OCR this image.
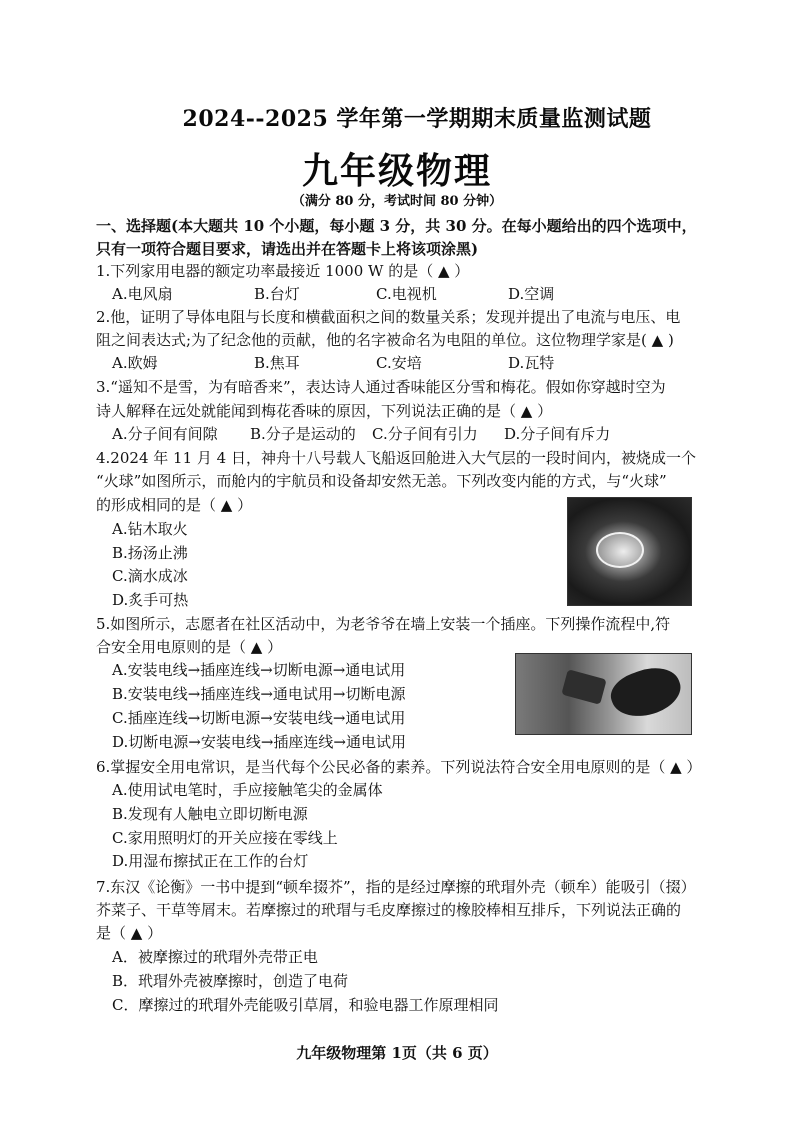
2024--2025 学年第一学期期末质量监测试题
九年级物理
（满分 80 分，考试时间 80 分钟）
一、选择题(本大题共 10 个小题，每小题 3 分，共 30 分。在每小题给出的四个选项中，
只有一项符合题目要求，请选出并在答题卡上将该项涂黑)
1.下列家用电器的额定功率最接近 1000 W 的是（ ▲ ）
A.电风扇	B.台灯	C.电视机	D.空调
2.他，证明了导体电阻与长度和横截面积之间的数量关系；发现并提出了电流与电压、电
阻之间表达式;为了纪念他的贡献，他的名字被命名为电阻的单位。这位物理学家是( ▲ )
A.欧姆	B.焦耳	C.安培	D.瓦特
3.“遥知不是雪，为有暗香来”，表达诗人通过香味能区分雪和梅花。假如你穿越时空为
诗人解释在远处就能闻到梅花香味的原因，下列说法正确的是（ ▲ ）
A.分子间有间隙	B.分子是运动的	C.分子间有引力	D.分子间有斥力
4.2024 年 11 月 4 日，神舟十八号载人飞船返回舱进入大气层的一段时间内，被烧成一个
“火球”如图所示，而舱内的宇航员和设备却安然无恙。下列改变内能的方式，与“火球”
的形成相同的是（ ▲ ）
A.钻木取火
B.扬汤止沸
C.滴水成冰
D.炙手可热
5.如图所示，志愿者在社区活动中，为老爷爷在墙上安装一个插座。下列操作流程中,符
合安全用电原则的是（ ▲ ）
A.安装电线→插座连线→切断电源→通电试用
B.安装电线→插座连线→通电试用→切断电源
C.插座连线→切断电源→安装电线→通电试用
D.切断电源→安装电线→插座连线→通电试用
6.掌握安全用电常识，是当代每个公民必备的素养。下列说法符合安全用电原则的是（ ▲ ）
A.使用试电笔时，手应接触笔尖的金属体
B.发现有人触电立即切断电源
C.家用照明灯的开关应接在零线上
D.用湿布擦拭正在工作的台灯
7.东汉《论衡》一书中提到“顿牟掇芥”，指的是经过摩擦的玳瑁外壳（顿牟）能吸引（掇）
芥菜子、干草等屑末。若摩擦过的玳瑁与毛皮摩擦过的橡胶棒相互排斥，下列说法正确的
是（ ▲ ）
A．被摩擦过的玳瑁外壳带正电
B．玳瑁外壳被摩擦时，创造了电荷
C．摩擦过的玳瑁外壳能吸引草屑，和验电器工作原理相同
九年级物理第 1页（共 6 页）
